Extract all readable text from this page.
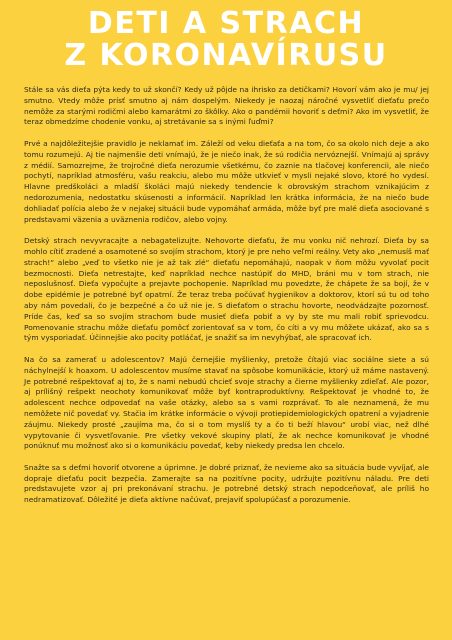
DETI A STRACH
Z KORONAVÍRUSU

Stále sa vás dieťa pýta kedy to už skončí? Kedy už pôjde na ihrisko za detičkami? Hovorí vám ako je mu/ jej smutno. Vtedy môže prísť smutno aj nám dospelým. Niekedy je naozaj náročné vysvetliť dieťaťu prečo nemôže za starými rodičmi alebo kamarátmi zo škôlky. Ako o pandémii hovoriť s deťmi? Ako im vysvetliť, že teraz obmedzíme chodenie vonku, aj stretávanie sa s inými ľuďmi?

Prvé a najdôležitejšie pravidlo je neklamať im. Záleží od veku dieťaťa a na tom, čo sa okolo nich deje a ako tomu rozumejú. Aj tie najmenšie deti vnímajú, že je niečo inak, že sú rodičia nervóznejší. Vnímajú aj správy z médií. Samozrejme, že trojročné dieťa nerozumie všetkému, čo zaznie na tlačovej konferencii, ale niečo pochytí, napríklad atmosféru, vašu reakciu, alebo mu môže utkvieť v mysli nejaké slovo, ktoré ho vydesí. Hlavne predškoláci a mladší školáci majú niekedy tendencie k obrovským strachom vznikajúcim z nedorozumenia, nedostatku skúsenosti a informácií. Napríklad len krátka informácia, že na niečo bude dohliadať polícia alebo že v nejakej situácii bude vypomáhať armáda, môže byť pre malé dieťa asociované s predstavami väzenia a uväznenia rodičov, alebo vojny.

Detský strach nevyvracajte a nebagatelizujte. Nehovorte dieťaťu, že mu vonku nič nehrozí. Dieťa by sa mohlo cítiť zradené a osamotené so svojím strachom, ktorý je pre neho veľmi reálny. Vety ako „nemusíš mať strach!“ alebo „veď to všetko nie je až tak zlé“ dieťaťu nepomáhajú, naopak v ňom môžu vyvolať pocit bezmocnosti. Dieťa netrestajte, keď napríklad nechce nastúpiť do MHD, bráni mu v tom strach, nie neposlušnosť. Dieťa vypočujte a prejavte pochopenie. Napríklad mu povedzte, že chápete že sa bojí, že v dobe epidémie je potrebné byť opatrní. Že teraz treba počúvať hygienikov a doktorov, ktorí sú tu od toho aby nám povedali, čo je bezpečné a čo už nie je. S dieťaťom o strachu hovorte, neodvádzajte pozornosť. Príde čas, keď sa so svojím strachom bude musieť dieťa pobiť a vy by ste mu mali robiť sprievodcu. Pomenovanie strachu môže dieťaťu pomôcť zorientovať sa v tom, čo cíti a vy mu môžete ukázať, ako sa s tým vysporiadať. Účinnejšie ako pocity potláčať, je snažiť sa im nevyhýbať, ale spracovať ich.

Na čo sa zamerať u adolescentov? Majú černejšie myšlienky, pretože čítajú viac sociálne siete a sú náchylnejší k hoaxom. U adolescentov musíme stavať na spôsobe komunikácie, ktorý už máme nastavený. Je potrebné rešpektovať aj to, že s nami nebudú chcieť svoje strachy a čierne myšlienky zdieľať. Ale pozor, aj prílišný rešpekt neochoty komunikovať môže byť kontraproduktívny. Rešpektovať je vhodné to, že adolescent nechce odpovedať na vaše otázky, alebo sa s vami rozprávať. To ale neznamená, že mu nemôžete nič povedať vy. Stačia im krátke informácie o vývoji protiepidemiologických opatrení a vyjadrenie záujmu. Niekedy prosté „zaujíma ma, čo si o tom myslíš ty a čo ti beží hlavou“ urobí viac, než dlhé vypytovanie či vysvetľovanie. Pre všetky vekové skupiny platí, že ak nechce komunikovať je vhodné ponúknuť mu možnosť ako si o komunikáciu povedať, keby niekedy predsa len chcelo.

Snažte sa s deťmi hovoriť otvorene a úprimne. Je dobré priznať, že nevieme ako sa situácia bude vyvíjať, ale dopraje dieťaťu pocit bezpečia. Zamerajte sa na pozitívne pocity, udržujte pozitívnu náladu. Pre deti predstavujete vzor aj pri prekonávaní strachu. Je potrebné detský strach nepodceňovať, ale príliš ho nedramatizovať. Dôležité je dieťa aktívne načúvať, prejaviť spolupúčasť a porozumenie.
